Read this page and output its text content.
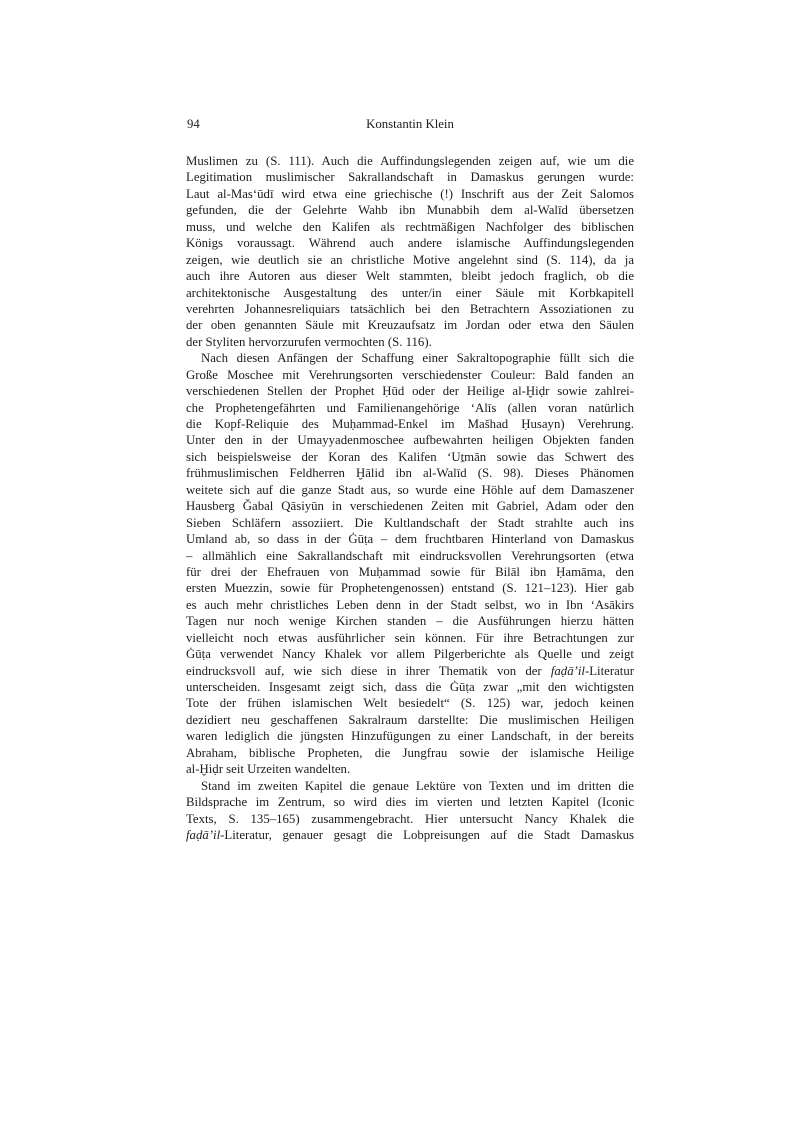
94	Konstantin Klein
Muslimen zu (S. 111). Auch die Auffindungslegenden zeigen auf, wie um die
Legitimation muslimischer Sakrallandschaft in Damaskus gerungen wurde:
Laut al-Mas‘ūdī wird etwa eine griechische (!) Inschrift aus der Zeit Salomos
gefunden, die der Gelehrte Wahb ibn Munabbih dem al-Walīd übersetzen
muss, und welche den Kalifen als rechtmäßigen Nachfolger des biblischen
Königs voraussagt. Während auch andere islamische Auffindungslegenden
zeigen, wie deutlich sie an christliche Motive angelehnt sind (S. 114), da ja
auch ihre Autoren aus dieser Welt stammten, bleibt jedoch fraglich, ob die
architektonische Ausgestaltung des unter/in einer Säule mit Korbkapitell
verehrten Johannesreliquiars tatsächlich bei den Betrachtern Assoziationen zu
der oben genannten Säule mit Kreuzaufsatz im Jordan oder etwa den Säulen
der Styliten hervorzurufen vermochten (S. 116).
Nach diesen Anfängen der Schaffung einer Sakraltopographie füllt sich die
Große Moschee mit Verehrungsorten verschiedenster Couleur: Bald fanden an
verschiedenen Stellen der Prophet Ḥūd oder der Heilige al-Ḫiḍr sowie zahlrei-
che Prophetengefährten und Familienangehörige ‘Alīs (allen voran natürlich
die Kopf-Reliquie des Muḥammad-Enkel im Mašhad Ḥusayn) Verehrung.
Unter den in der Umayyadenmoschee aufbewahrten heiligen Objekten fanden
sich beispielsweise der Koran des Kalifen ‘Uṯmān sowie das Schwert des
frühmuslimischen Feldherren Ḫālid ibn al-Walīd (S. 98). Dieses Phänomen
weitete sich auf die ganze Stadt aus, so wurde eine Höhle auf dem Damaszener
Hausberg Ǧabal Qāsiyūn in verschiedenen Zeiten mit Gabriel, Adam oder den
Sieben Schläfern assoziiert. Die Kultlandschaft der Stadt strahlte auch ins
Umland ab, so dass in der Ġūṭa – dem fruchtbaren Hinterland von Damaskus
– allmählich eine Sakrallandschaft mit eindrucksvollen Verehrungsorten (etwa
für drei der Ehefrauen von Muḥammad sowie für Bilāl ibn Ḥamāma, den
ersten Muezzin, sowie für Prophetengenossen) entstand (S. 121–123). Hier gab
es auch mehr christliches Leben denn in der Stadt selbst, wo in Ibn ‘Asākirs
Tagen nur noch wenige Kirchen standen – die Ausführungen hierzu hätten
vielleicht noch etwas ausführlicher sein können. Für ihre Betrachtungen zur
Ġūṭa verwendet Nancy Khalek vor allem Pilgerberichte als Quelle und zeigt
eindrucksvoll auf, wie sich diese in ihrer Thematik von der faḍā’il-Literatur
unterscheiden. Insgesamt zeigt sich, dass die Ġūṭa zwar „mit den wichtigsten
Tote der frühen islamischen Welt besiedelt“ (S. 125) war, jedoch keinen
dezidiert neu geschaffenen Sakralraum darstellte: Die muslimischen Heiligen
waren lediglich die jüngsten Hinzufügungen zu einer Landschaft, in der bereits
Abraham, biblische Propheten, die Jungfrau sowie der islamische Heilige
al-Ḫiḍr seit Urzeiten wandelten.
Stand im zweiten Kapitel die genaue Lektüre von Texten und im dritten die
Bildsprache im Zentrum, so wird dies im vierten und letzten Kapitel (Iconic
Texts, S. 135–165) zusammengebracht. Hier untersucht Nancy Khalek die
faḍā’il-Literatur, genauer gesagt die Lobpreisungen auf die Stadt Damaskus
